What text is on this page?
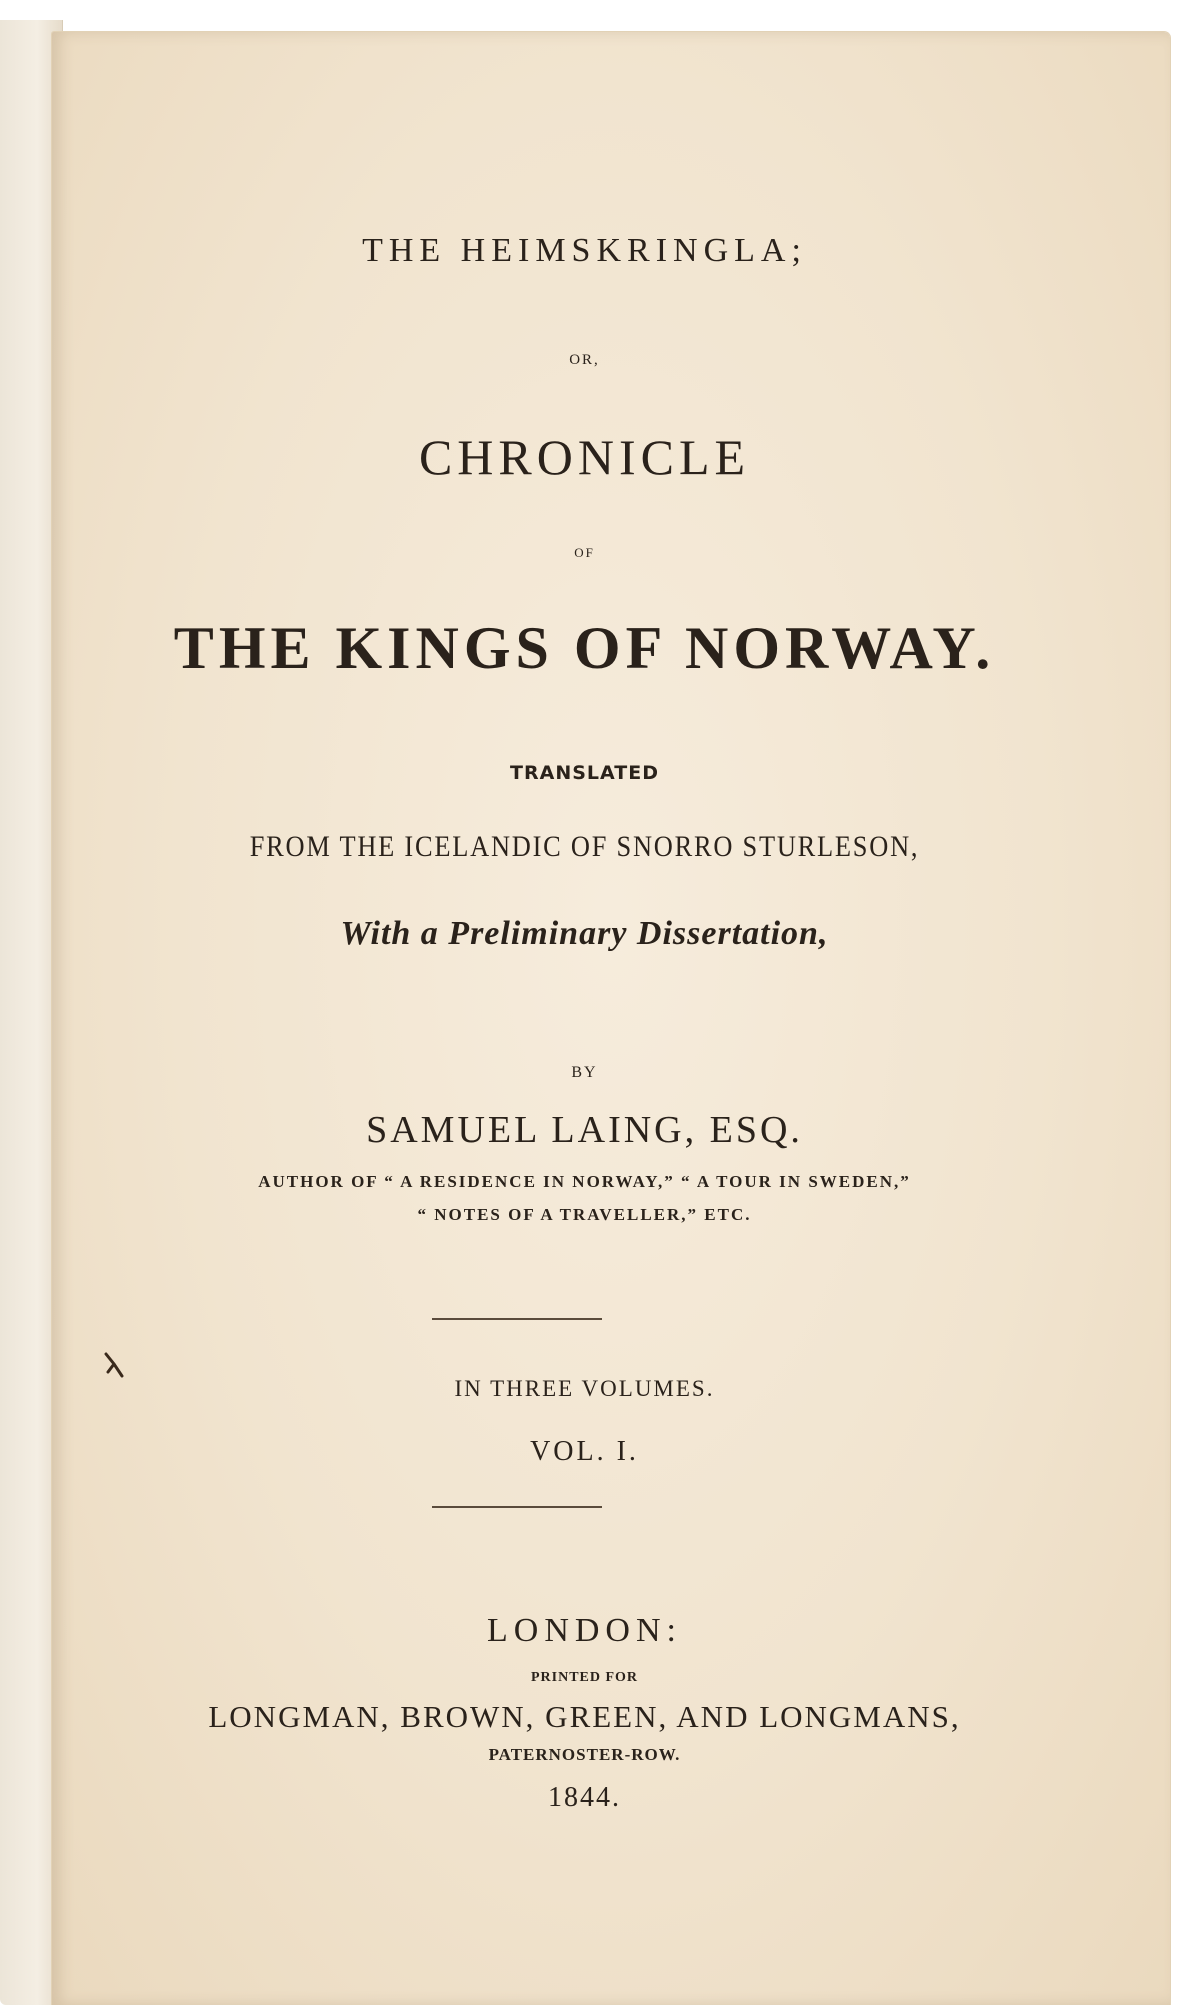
THE HEIMSKRINGLA;
OR,
CHRONICLE
OF
THE KINGS OF NORWAY.
TRANSLATED
FROM THE ICELANDIC OF SNORRO STURLESON,
With a Preliminary Dissertation,
BY
SAMUEL LAING, ESQ.
AUTHOR OF “ A RESIDENCE IN NORWAY,” “ A TOUR IN SWEDEN,”
“ NOTES OF A TRAVELLER,” ETC.
IN THREE VOLUMES.
VOL. I.
LONDON:
PRINTED FOR
LONGMAN, BROWN, GREEN, AND LONGMANS,
PATERNOSTER-ROW.
1844.
